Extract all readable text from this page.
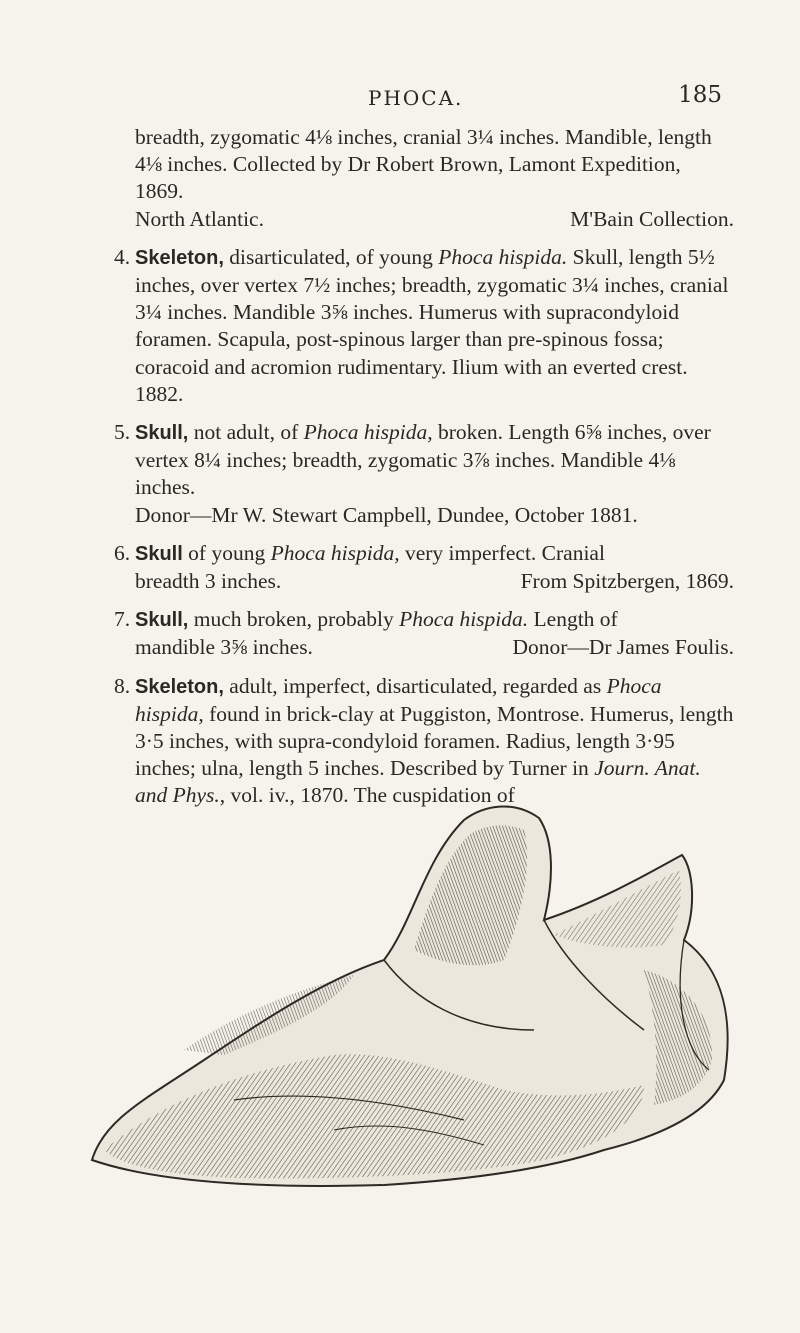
PHOCA.	185
breadth, zygomatic 4⅛ inches, cranial 3¼ inches. Mandible, length 4⅛ inches. Collected by Dr Robert Brown, Lamont Expedition, 1869.
North Atlantic.	M'Bain Collection.
4. Skeleton, disarticulated, of young Phoca hispida. Skull, length 5½ inches, over vertex 7½ inches; breadth, zygomatic 3¼ inches, cranial 3¼ inches. Mandible 3⅝ inches. Humerus with supracondyloid foramen. Scapula, post-spinous larger than pre-spinous fossa; coracoid and acromion rudimentary. Ilium with an everted crest. 1882.
5. Skull, not adult, of Phoca hispida, broken. Length 6⅝ inches, over vertex 8¼ inches; breadth, zygomatic 3⅞ inches. Mandible 4⅛ inches.
Donor—Mr W. Stewart Campbell, Dundee, October 1881.
6. Skull of young Phoca hispida, very imperfect. Cranial
breadth 3 inches.	From Spitzbergen, 1869.
7. Skull, much broken, probably Phoca hispida. Length of
mandible 3⅝ inches.	Donor—Dr James Foulis.
8. Skeleton, adult, imperfect, disarticulated, regarded as Phoca hispida, found in brick-clay at Puggiston, Montrose. Humerus, length 3·5 inches, with supra-condyloid foramen. Radius, length 3·95 inches; ulna, length 5 inches. Described by Turner in Journ. Anat. and Phys., vol. iv., 1870. The cuspidation of
